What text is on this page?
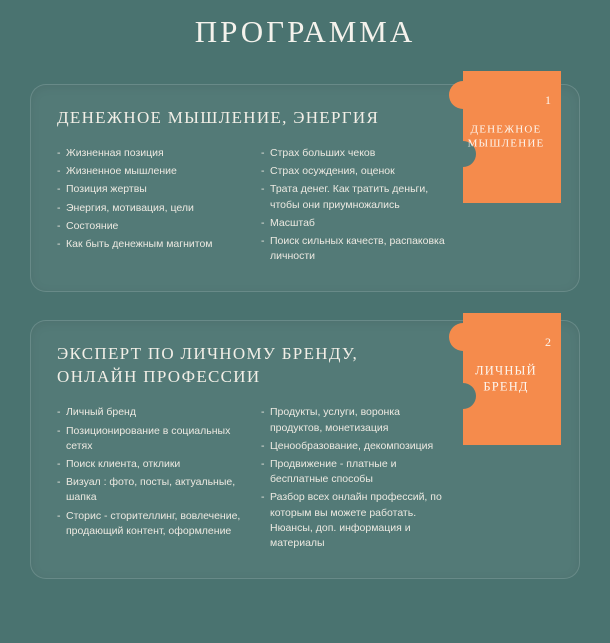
ПРОГРАММА
1
ДЕНЕЖНОЕ
МЫШЛЕНИЕ
ДЕНЕЖНОЕ МЫШЛЕНИЕ, ЭНЕРГИЯ
- Жизненная позиция
- Жизненное мышление
- Позиция жертвы
- Энергия, мотивация, цели
- Состояние
- Как быть денежным магнитом
- Страх больших чеков
- Страх осуждения, оценок
- Трата денег. Как тратить деньги, чтобы они приумножались
- Масштаб
- Поиск сильных качеств, распаковка личности
2
ЛИЧНЫЙ
БРЕНД
ЭКСПЕРТ ПО ЛИЧНОМУ БРЕНДУ, ОНЛАЙН ПРОФЕССИИ
- Личный бренд
- Позиционирование в социальных сетях
- Поиск клиента, отклики
- Визуал : фото, посты, актуальные, шапка
- Сторис - сторителлинг, вовлечение, продающий контент, оформление
- Продукты, услуги, воронка продуктов, монетизация
- Ценообразование, декомпозиция
- Продвижение - платные и бесплатные способы
- Разбор всех онлайн профессий, по которым вы можете работать. Нюансы, доп. информация и материалы
